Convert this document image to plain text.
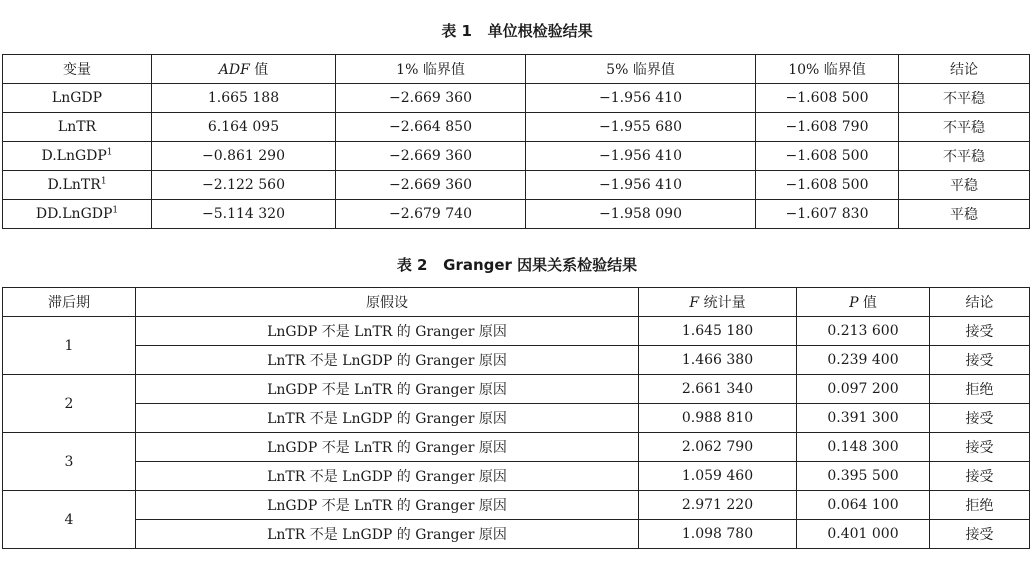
表 1   单位根检验结果
变量	ADF 值	1% 临界值	5% 临界值	10% 临界值	结论
LnGDP	1.665 188	−2.669 360	−1.956 410	−1.608 500	不平稳
LnTR	6.164 095	−2.664 850	−1.955 680	−1.608 790	不平稳
D.LnGDP$^1$	−0.861 290	−2.669 360	−1.956 410	−1.608 500	不平稳
D.LnTR$^1$	−2.122 560	−2.669 360	−1.956 410	−1.608 500	平稳
DD.LnGDP$^1$	−5.114 320	−2.679 740	−1.958 090	−1.607 830	平稳
表 2   Granger 因果关系检验结果
滞后期	原假设	F 统计量	P 值	结论
1	LnGDP 不是 LnTR 的 Granger 原因	1.645 180	0.213 600	接受
	LnTR 不是 LnGDP 的 Granger 原因	1.466 380	0.239 400	接受
2	LnGDP 不是 LnTR 的 Granger 原因	2.661 340	0.097 200	拒绝
	LnTR 不是 LnGDP 的 Granger 原因	0.988 810	0.391 300	接受
3	LnGDP 不是 LnTR 的 Granger 原因	2.062 790	0.148 300	接受
	LnTR 不是 LnGDP 的 Granger 原因	1.059 460	0.395 500	接受
4	LnGDP 不是 LnTR 的 Granger 原因	2.971 220	0.064 100	拒绝
	LnTR 不是 LnGDP 的 Granger 原因	1.098 780	0.401 000	接受
